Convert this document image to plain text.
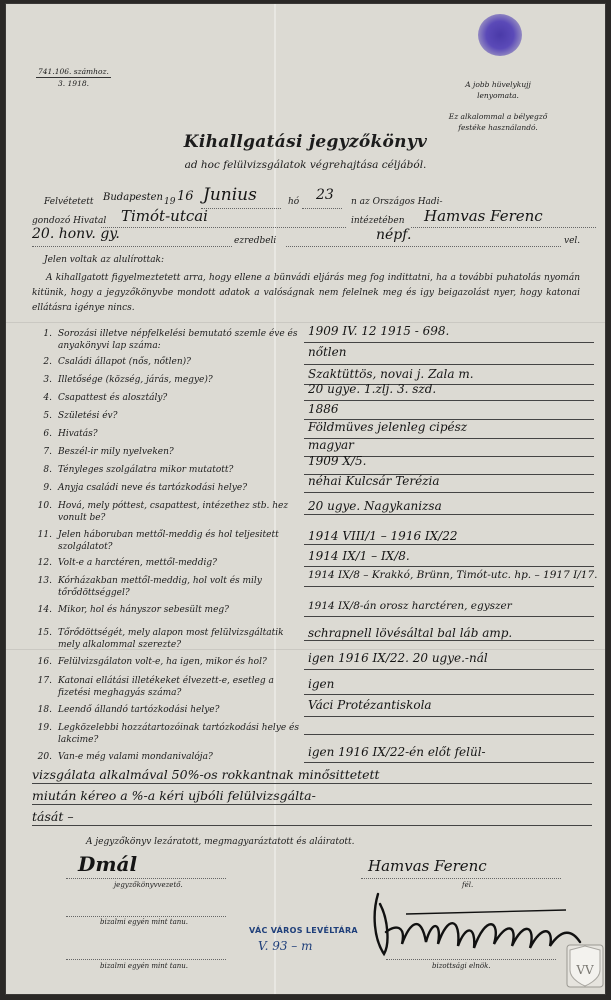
741.106. számhoz.
3. 1918.	A jobb hüvelykujj
lenyomata.
Ez alkalommal a bélyegző
festéke használandó.
Kihallgatási jegyzőkönyv
ad hoc felülvizsgálatok végrehajtása céljából.
Felvétetett Budapesten 19 16 Junius	hó 23 n az Országos Hadi-
gondozó Hivatal Timót-utcai	intézetében Hamvas Ferenc
20. honv. gy.	ezredbeli	népf.	vel.
Jelen voltak az alulírottak:
A kihallgatott figyelmeztetett arra, hogy ellene a bünvádi eljárás meg fog indittatni, ha a további puhatolás nyomán kitünik, hogy a jegyzőkönyvbe mondott adatok a valóságnak nem felelnek meg és igy beigazolást nyer, hogy katonai ellátásra igénye nincs.
1. Sorozási illetve népfelkelési bemutató szemle éve és anyakönyvi lap száma:
1909 IV. 12 1915 - 698.
2. Családi állapot (nős, nőtlen)?
nőtlen
3. Illetősége (község, járás, megye)?	Szaktüttös, novai j. Zala m.
4. Csapattest és alosztály?
20 ugye. 1.zlj. 3. szd.
5. Születési év?	1886
6. Hivatás?	Földmüves jelenleg cipész
7. Beszél-ir mily nyelveken?	magyar
8. Tényleges szolgálatra mikor mutatott?
1909 X/5.
9. Anyja családi neve és tartózkodási helye?	néhai Kulcsár Terézia
10. Hová, mely póttest, csapattest, intézethez stb. hez vonult be?
20 ugye. Nagykanizsa
11. Jelen háboruban mettől-meddig és hol teljesitett szolgálatot?
1914 VIII/1 – 1916 IX/22
12. Volt-e a harctéren, mettől-meddig?	1914 IX/1 – IX/8.
13. Kórházakban mettől-meddig, hol volt és mily tőrődöttséggel?
1914 IX/8 – Krakkó, Brünn, Timót-utc. hp. – 1917 I/17.
14. Mikor, hol és hányszor sebesült meg?	1914 IX/8-án orosz harctéren, egyszer
15. Tőrődöttségét, mely alapon most felülvizsgáltatik mely alkalommal szerezte?
schrapnell lövésáltal bal láb amp.
16. Felülvizsgálaton volt-e, ha igen, mikor és hol?	igen 1916 IX/22. 20 ugye.-nál
17. Katonai ellátási illetékeket élvezett-e, esetleg a fizetési meghagyás száma?
igen
18. Leendő állandó tartózkodási helye?	Váci Protézantiskola
19. Legközelebbi hozzátartozóinak tartózkodási helye és lakcime?
20. Van-e még valami mondanivalója?	igen 1916 IX/22-én előt felül-
vizsgálata alkalmával 50%-os rokkantnak minősittetett
miután kéreo a %-a kéri ujbóli felülvizsgálta-
tását –
A jegyzőkönyv lezáratott, megmagyaráztatott és aláiratott.
Dmál
jegyzőkönyvvezető.
Hamvas Ferenc
fél.
bizalmi egyén mint tanu.
bizalmi egyén mint tanu.	bizottsági elnök.
VÁC VÁROS LEVÉLTÁRA
V. 93 – m
VV
